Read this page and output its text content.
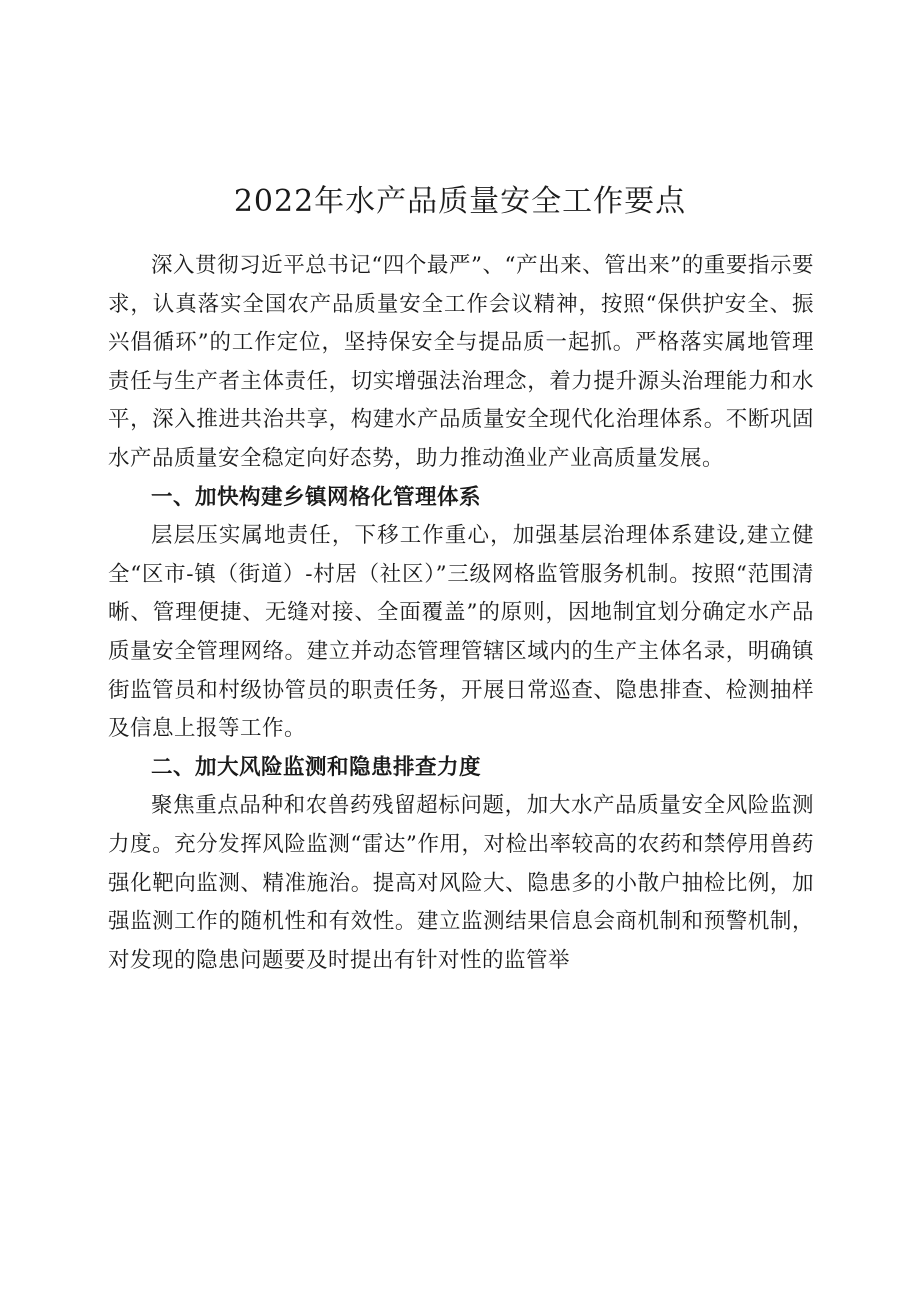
2022年水产品质量安全工作要点

深入贯彻习近平总书记“四个最严”、“产出来、管出来”的重要指示要求，认真落实全国农产品质量安全工作会议精神，按照“保供护安全、振兴倡循环”的工作定位，坚持保安全与提品质一起抓。严格落实属地管理责任与生产者主体责任，切实增强法治理念，着力提升源头治理能力和水平，深入推进共治共享，构建水产品质量安全现代化治理体系。不断巩固水产品质量安全稳定向好态势，助力推动渔业产业高质量发展。

一、加快构建乡镇网格化管理体系

层层压实属地责任，下移工作重心，加强基层治理体系建设,建立健全“区市-镇（街道）-村居（社区）”三级网格监管服务机制。按照“范围清晰、管理便捷、无缝对接、全面覆盖”的原则，因地制宜划分确定水产品质量安全管理网络。建立并动态管理管辖区域内的生产主体名录，明确镇街监管员和村级协管员的职责任务，开展日常巡查、隐患排查、检测抽样及信息上报等工作。

二、加大风险监测和隐患排查力度

聚焦重点品种和农兽药残留超标问题，加大水产品质量安全风险监测力度。充分发挥风险监测“雷达”作用，对检出率较高的农药和禁停用兽药强化靶向监测、精准施治。提高对风险大、隐患多的小散户抽检比例，加强监测工作的随机性和有效性。建立监测结果信息会商机制和预警机制，对发现的隐患问题要及时提出有针对性的监管举
